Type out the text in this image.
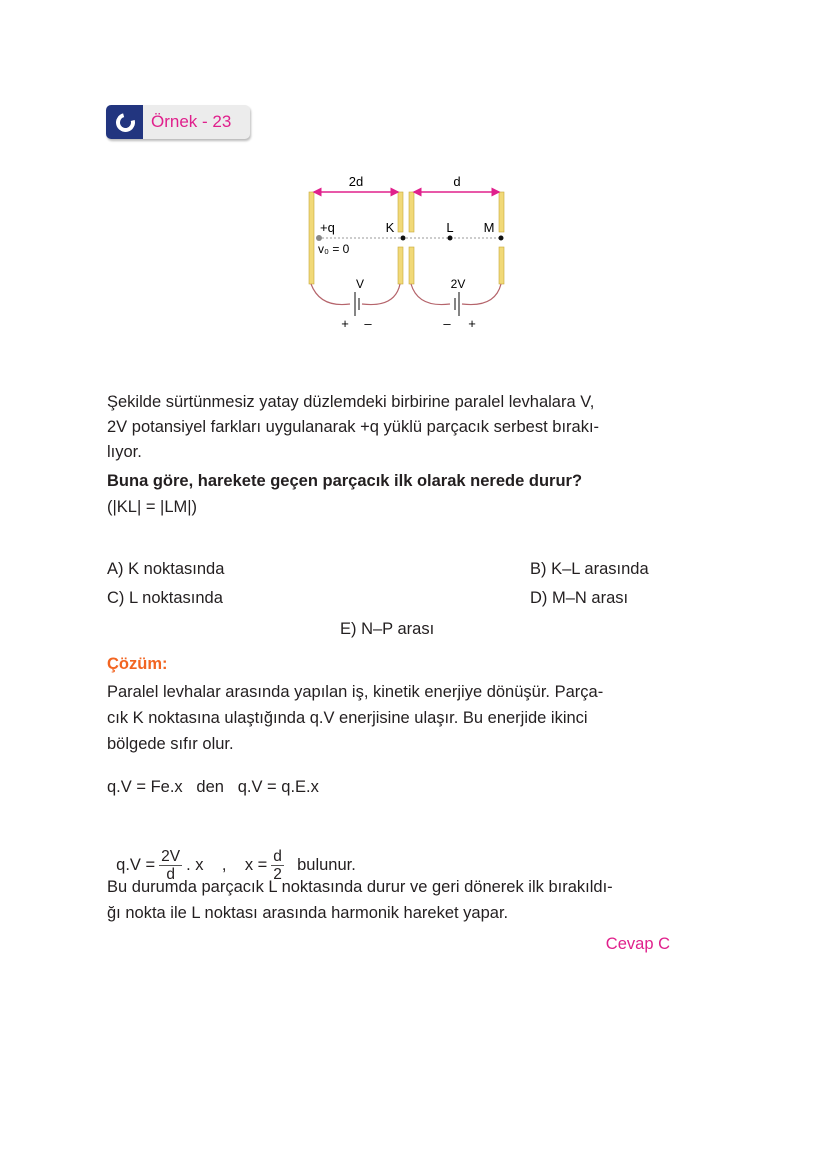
Örnek - 23
2d	d
+q
v₀ = 0
K	L M
V	2V
+ –	– +
Şekilde sürtünmesiz yatay düzlemdeki birbirine paralel levhalara V,
2V potansiyel farkları uygulanarak +q yüklü parçacık serbest bırakı-
lıyor.
Buna göre, harekete geçen parçacık ilk olarak nerede durur?
(|KL| = |LM|)
A) K noktasında	B) K–L arasında
C) L noktasında	D) M–N arası
E) N–P arası
Çözüm:
Paralel levhalar arasında yapılan iş, kinetik enerjiye dönüşür. Parça-
cık K noktasına ulaştığında q.V enerjisine ulaşır. Bu enerjide ikinci
bölgede sıfır olur.
q.V = Fe.x   den   q.V = q.E.x

$q.V = \frac{2V}{d}$ . x    ,    $x = \frac{d}{2}$ bulunur.

Bu durumda parçacık L noktasında durur ve geri dönerek ilk bırakıldı-
ğı nokta ile L noktası arasında harmonik hareket yapar.
Cevap C
